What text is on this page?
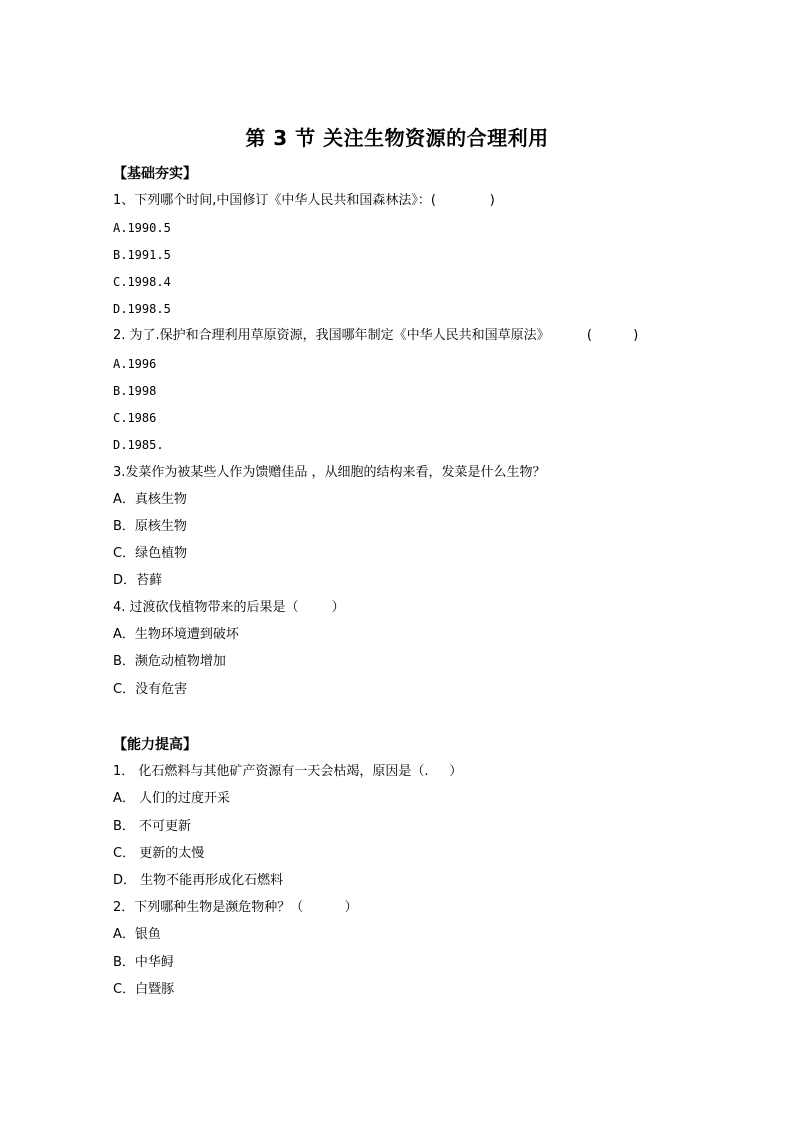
第 3 节 关注生物资源的合理利用
【基础夯实】
1、下列哪个时间,中国修订《中华人民共和国森林法》：(             )
A.1990.5
B.1991.5
C.1998.4
D.1998.5
2. 为了.保护和合理利用草原资源，我国哪年制定《中华人民共和国草原法》         (          )
A.1996
B.1998
C.1986
D.1985.
3.发菜作为被某些人作为馈赠佳品 ，从细胞的结构来看，发菜是什么生物？
A．真核生物
B．原核生物
C．绿色植物
D．苔藓
4. 过渡砍伐植物带来的后果是（        ）
A．生物环境遭到破坏
B．濒危动植物增加
C．没有危害
【能力提高】
1． 化石燃料与其他矿产资源有一天会枯竭，原因是（.     ）
A． 人们的过度开采
B． 不可更新
C． 更新的太慢
D． 生物不能再形成化石燃料
2．下列哪种生物是濒危物种？（          ）
A．银鱼
B．中华鲟
C．白暨豚
